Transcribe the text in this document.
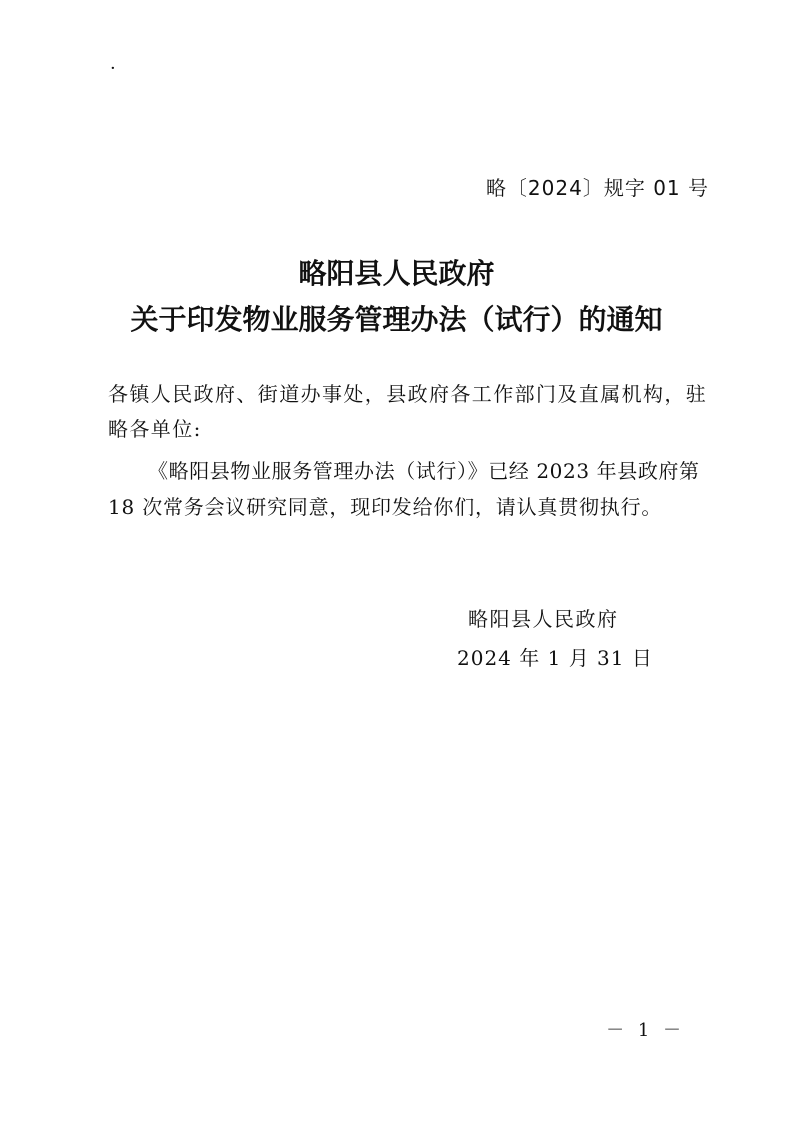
·
略〔2024〕规字 01 号
略阳县人民政府
关于印发物业服务管理办法（试行）的通知
各镇人民政府、街道办事处，县政府各工作部门及直属机构，驻
略各单位:
《略阳县物业服务管理办法（试行）》已经 2023 年县政府第
18 次常务会议研究同意，现印发给你们，请认真贯彻执行。
略阳县人民政府
2024 年 1 月 31 日
－ 1 －
